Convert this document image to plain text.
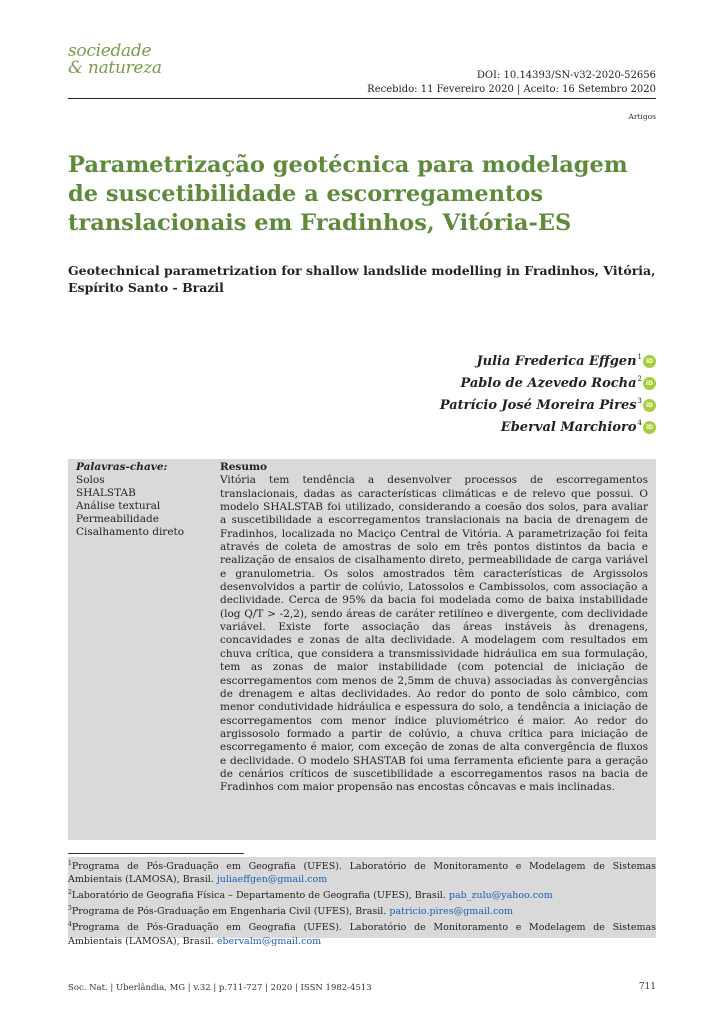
sociedade
& natureza	DOI: 10.14393/SN-v32-2020-52656
Recebido: 11 Fevereiro 2020 | Aceito: 16 Setembro 2020
Artigos
Parametrização geotécnica para modelagem de suscetibilidade a escorregamentos translacionais em Fradinhos, Vitória-ES
Geotechnical parametrization for shallow landslide modelling in Fradinhos, Vitória, Espírito Santo - Brazil
Julia Frederica Effgen$^1$ iD
Pablo de Azevedo Rocha$^2$ iD
Patrício José Moreira Pires$^3$ iD
Eberval Marchioro$^4$ iD
Palavras-chave:
Solos
SHALSTAB
Análise textural
Permeabilidade
Cisalhamento direto
Resumo

Vitória tem tendência a desenvolver processos de escorregamentos translacionais, dadas as características climáticas e de relevo que possui. O modelo SHALSTAB foi utilizado, considerando a coesão dos solos, para avaliar a suscetibilidade a escorregamentos translacionais na bacia de drenagem de Fradinhos, localizada no Maciço Central de Vitória. A parametrização foi feita através de coleta de amostras de solo em três pontos distintos da bacia e realização de ensaios de cisalhamento direto, permeabilidade de carga variável e granulometria. Os solos amostrados têm características de Argissolos desenvolvidos a partir de colúvio, Latossolos e Cambissolos, com associação a declividade. Cerca de 95% da bacia foi modelada como de baixa instabilidade (log Q/T > -2,2), sendo áreas de caráter retilíneo e divergente, com declividade variável. Existe forte associação das áreas instáveis às drenagens, concavidades e zonas de alta declividade. A modelagem com resultados em chuva crítica, que considera a transmissividade hidráulica em sua formulação, tem as zonas de maior instabilidade (com potencial de iniciação de escorregamentos com menos de 2,5mm de chuva) associadas às convergências de drenagem e altas declividades. Ao redor do ponto de solo câmbico, com menor condutividade hidráulica e espessura do solo, a tendência a iniciação de escorregamentos com menor índice pluviométrico é maior. Ao redor do argissosolo formado a partir de colúvio, a chuva crítica para iniciação de escorregamento é maior, com exceção de zonas de alta convergência de fluxos e declividade. O modelo SHASTAB foi uma ferramenta eficiente para a geração de cenários críticos de suscetibilidade a escorregamentos rasos na bacia de Fradinhos com maior propensão nas encostas côncavas e mais inclinadas.

$^1$Programa de Pós-Graduação em Geografia (UFES). Laboratório de Monitoramento e Modelagem de Sistemas Ambientais (LAMOSA), Brasil. juliaeffgen@gmail.com

$^2$Laboratório de Geografia Física – Departamento de Geografia (UFES), Brasil. pab_zulu@yahoo.com

$^3$Programa de Pós-Graduação em Engenharia Civil (UFES), Brasil. patricio.pires@gmail.com

$^4$Programa de Pós-Graduação em Geografia (UFES). Laboratório de Monitoramento e Modelagem de Sistemas Ambientais (LAMOSA), Brasil. ebervalm@gmail.com

Soc. Nat. | Uberlândia, MG | v.32 | p.711-727 | 2020 | ISSN 1982-4513	711
